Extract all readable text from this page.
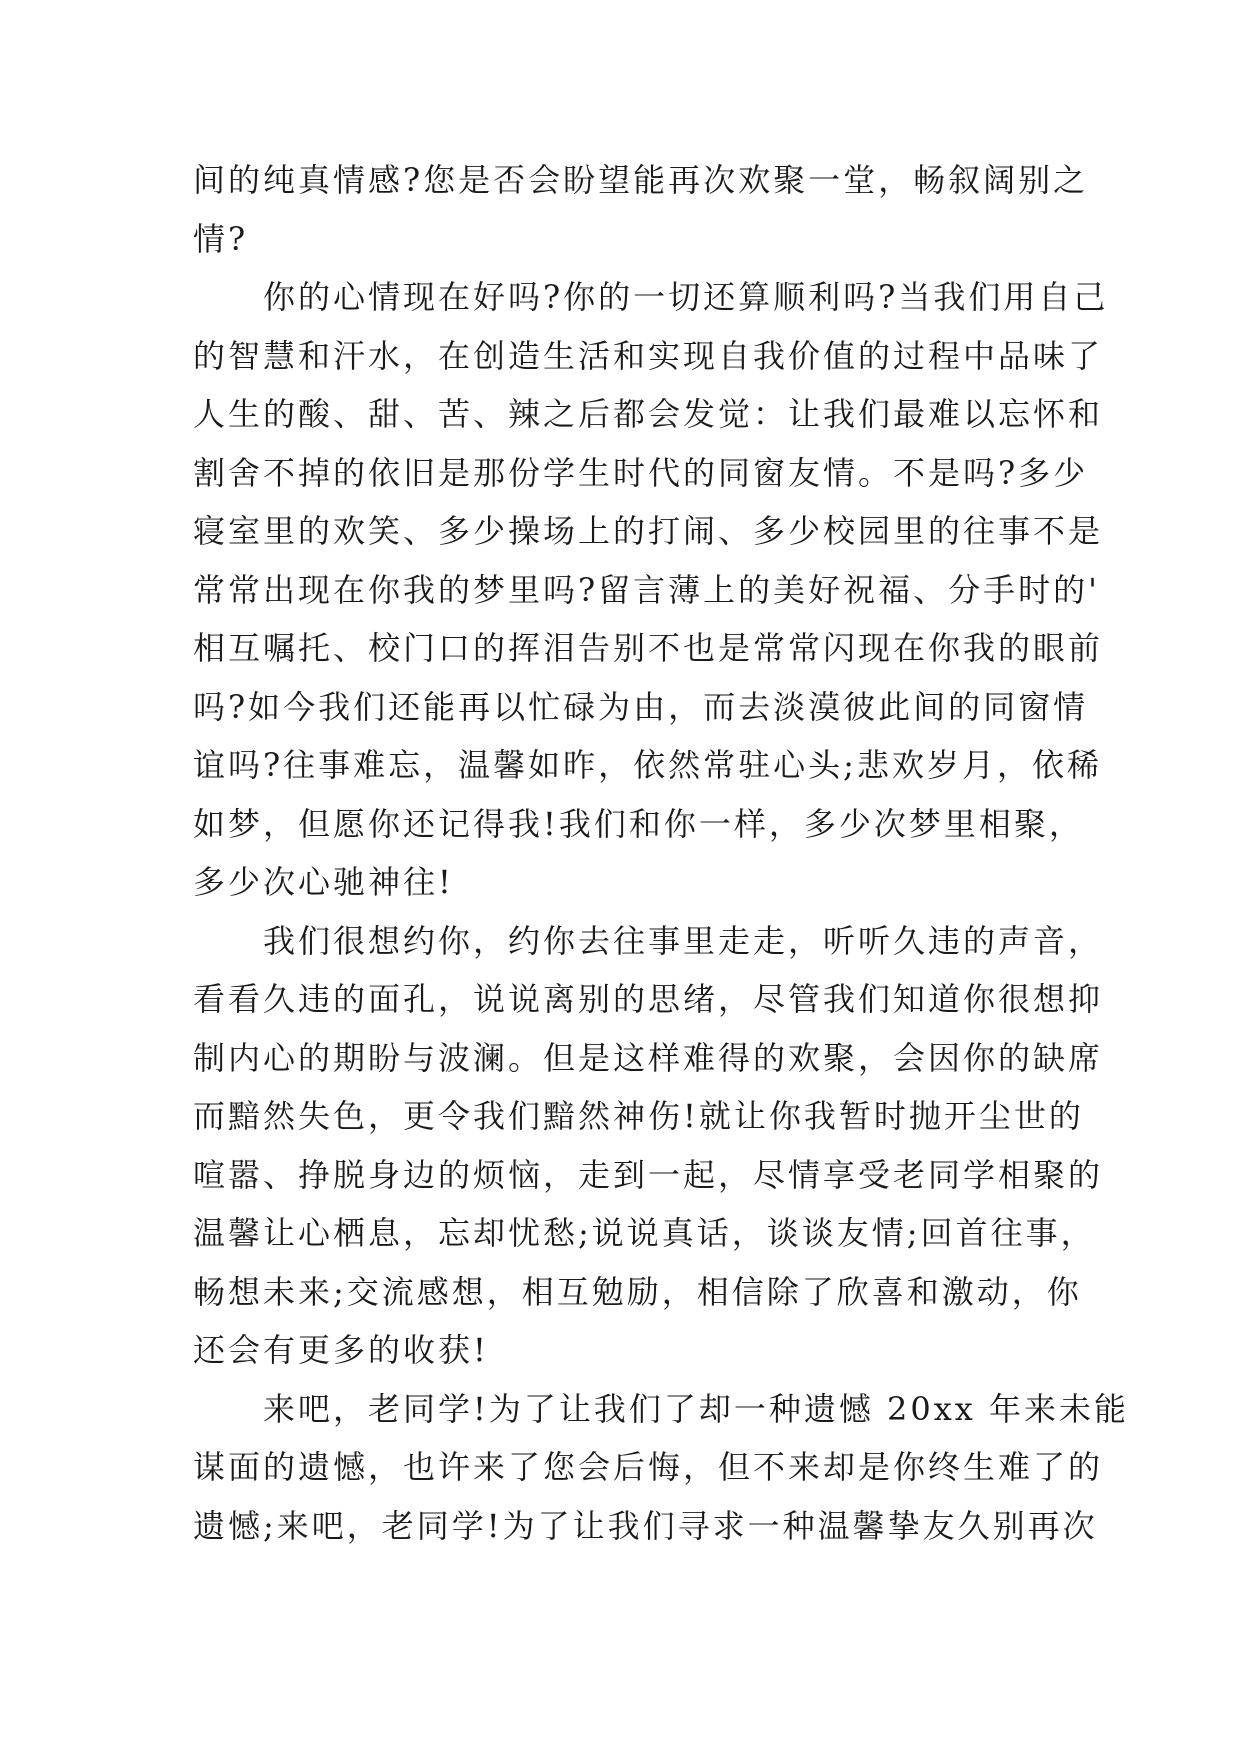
间的纯真情感?您是否会盼望能再次欢聚一堂，畅叙阔别之
情?
　　你的心情现在好吗?你的一切还算顺利吗?当我们用自己
的智慧和汗水，在创造生活和实现自我价值的过程中品味了
人生的酸、甜、苦、辣之后都会发觉：让我们最难以忘怀和
割舍不掉的依旧是那份学生时代的同窗友情。不是吗?多少
寝室里的欢笑、多少操场上的打闹、多少校园里的往事不是
常常出现在你我的梦里吗?留言薄上的美好祝福、分手时的'
相互嘱托、校门口的挥泪告别不也是常常闪现在你我的眼前
吗?如今我们还能再以忙碌为由，而去淡漠彼此间的同窗情
谊吗?往事难忘，温馨如昨，依然常驻心头;悲欢岁月，依稀
如梦，但愿你还记得我!我们和你一样，多少次梦里相聚，
多少次心驰神往!
　　我们很想约你，约你去往事里走走，听听久违的声音，
看看久违的面孔，说说离别的思绪，尽管我们知道你很想抑
制内心的期盼与波澜。但是这样难得的欢聚，会因你的缺席
而黯然失色，更令我们黯然神伤!就让你我暂时抛开尘世的
喧嚣、挣脱身边的烦恼，走到一起，尽情享受老同学相聚的
温馨让心栖息，忘却忧愁;说说真话，谈谈友情;回首往事，
畅想未来;交流感想，相互勉励，相信除了欣喜和激动，你
还会有更多的收获!
　　来吧，老同学!为了让我们了却一种遗憾 20xx 年来未能
谋面的遗憾，也许来了您会后悔，但不来却是你终生难了的
遗憾;来吧，老同学!为了让我们寻求一种温馨挚友久别再次
